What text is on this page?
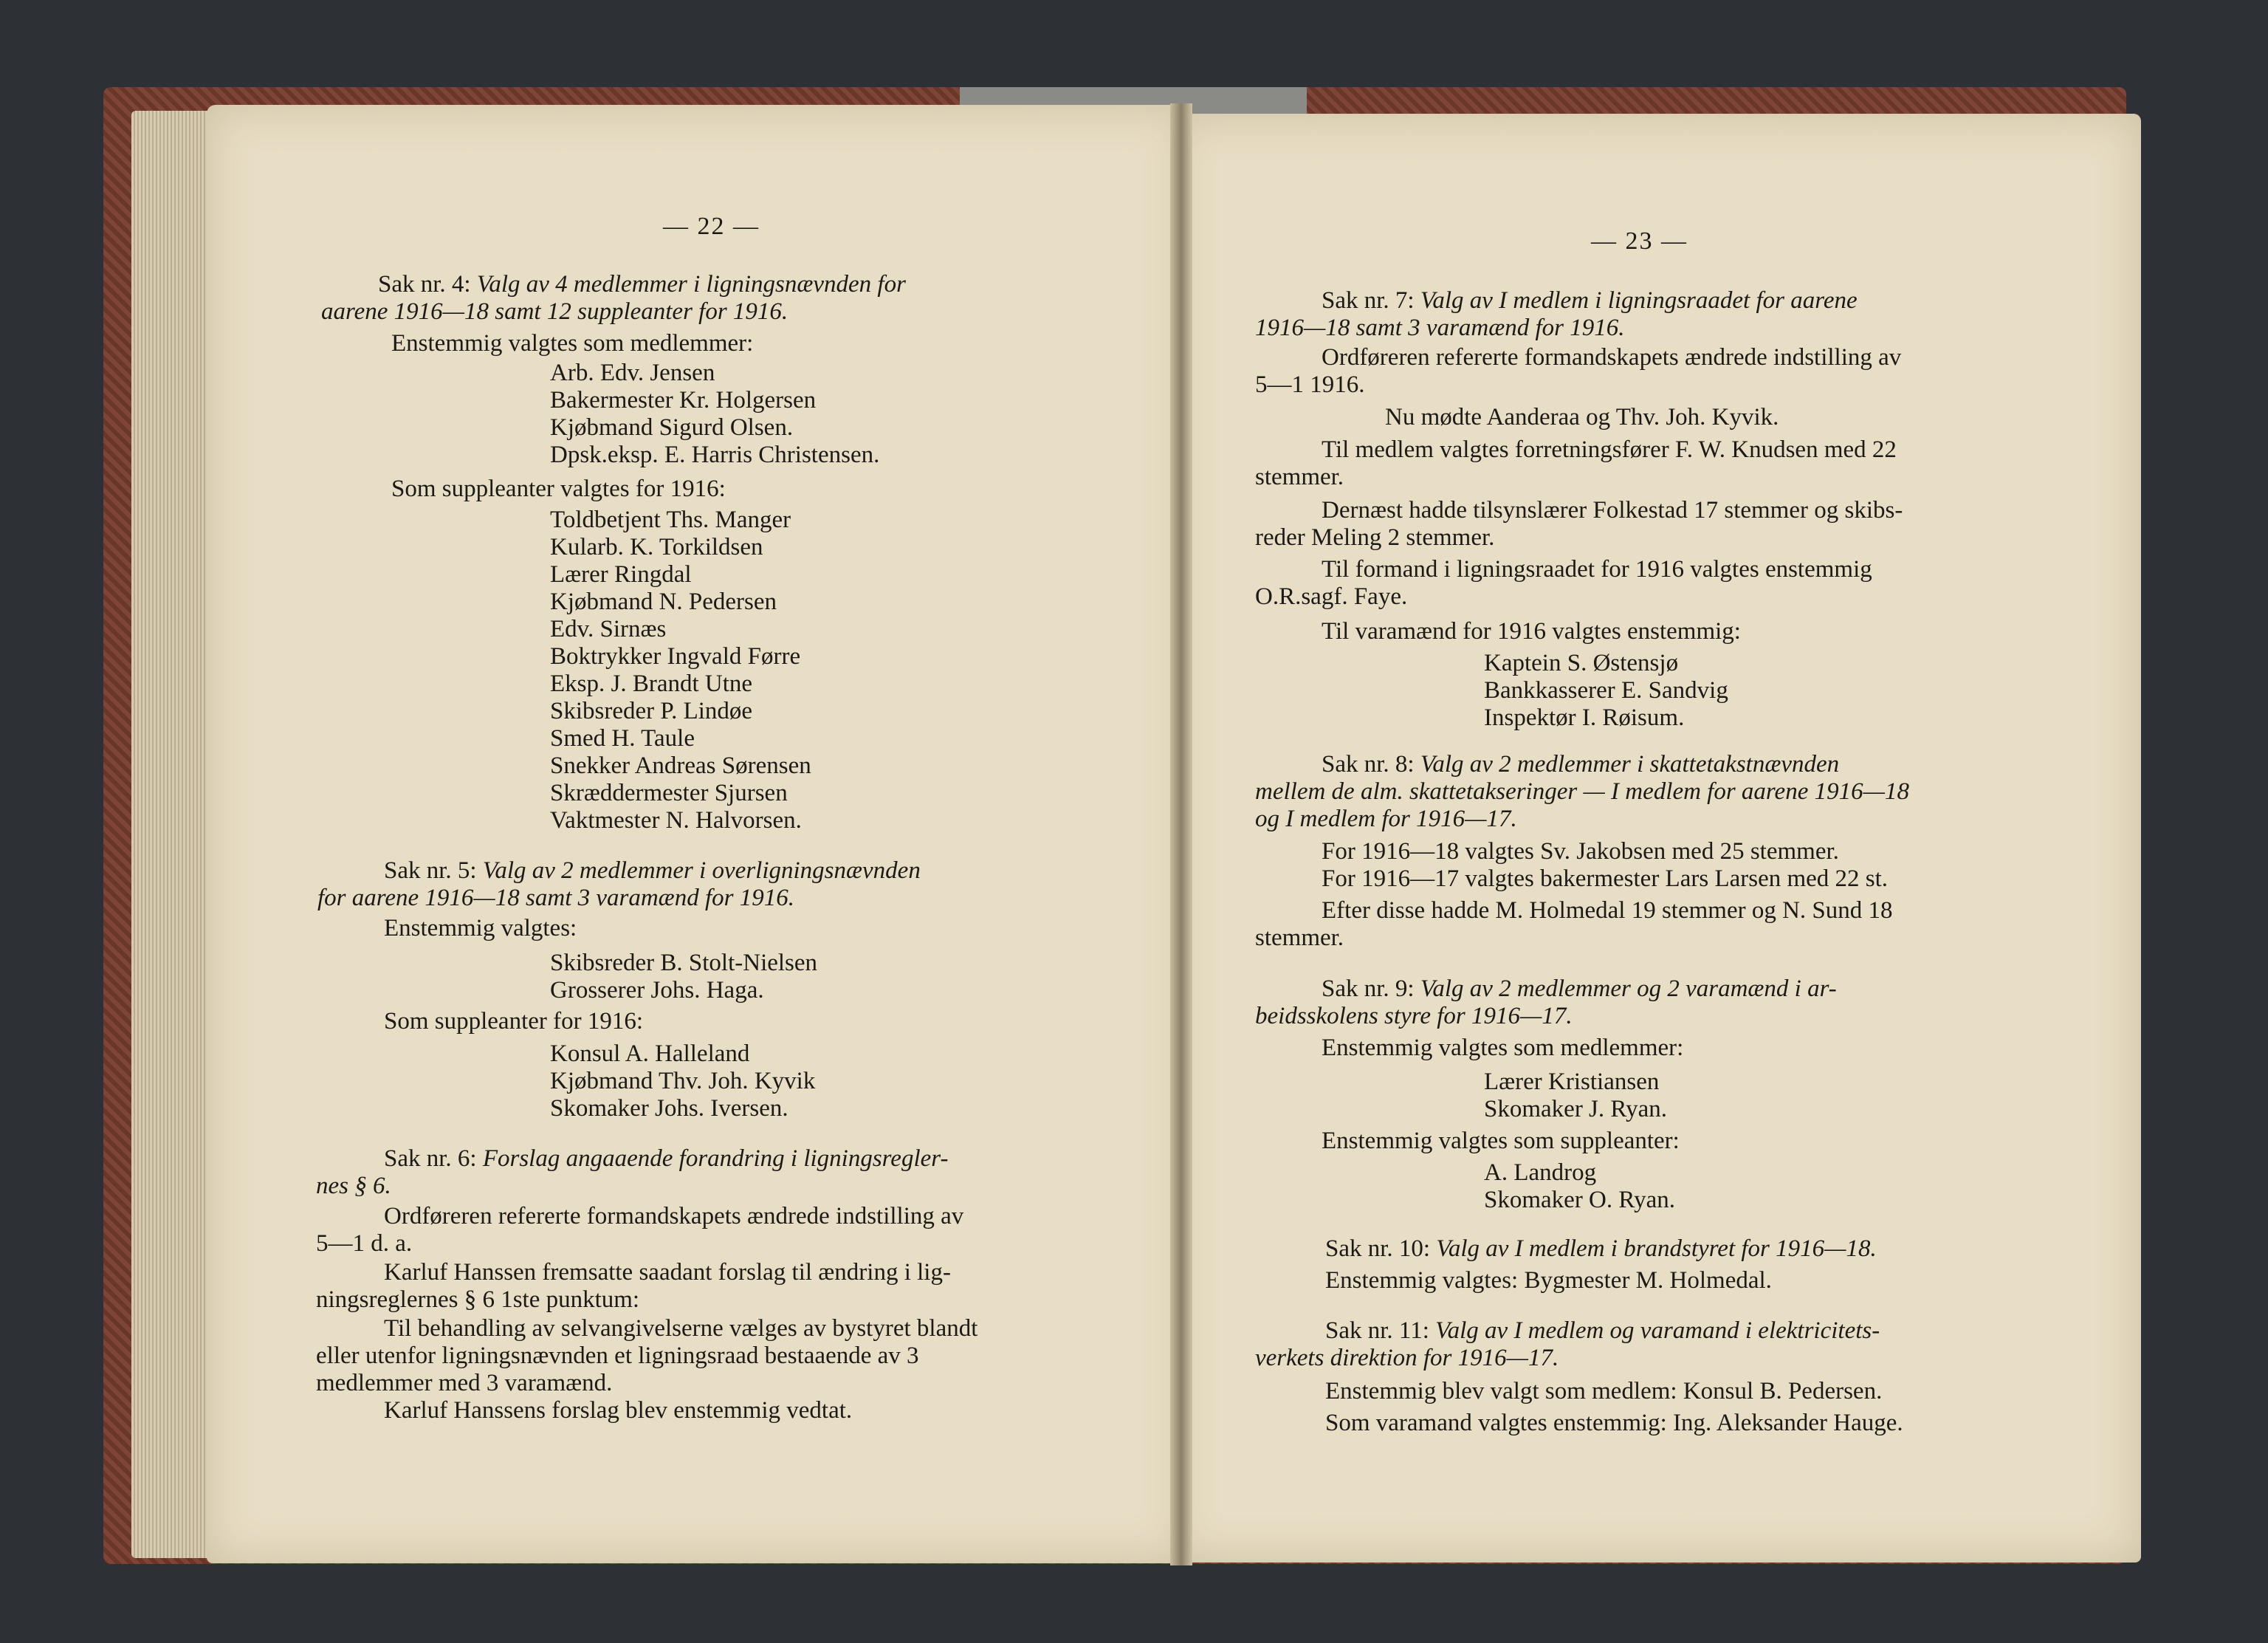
— 22 —
— 23 —
Sak nr. 4: Valg av 4 medlemmer i ligningsnævnden for
aarene 1916—18 samt 12 suppleanter for 1916.
Enstemmig valgtes som medlemmer:
Arb. Edv. Jensen
Bakermester Kr. Holgersen
Kjøbmand Sigurd Olsen.
Dpsk.eksp. E. Harris Christensen.
Som suppleanter valgtes for 1916:
Toldbetjent Ths. Manger
Kularb. K. Torkildsen
Lærer Ringdal
Kjøbmand N. Pedersen
Edv. Sirnæs
Boktrykker Ingvald Førre
Eksp. J. Brandt Utne
Skibsreder P. Lindøe
Smed H. Taule
Snekker Andreas Sørensen
Skræddermester Sjursen
Vaktmester N. Halvorsen.
Sak nr. 5: Valg av 2 medlemmer i overligningsnævnden
for aarene 1916—18 samt 3 varamænd for 1916.
Enstemmig valgtes:
Skibsreder B. Stolt-Nielsen
Grosserer Johs. Haga.
Som suppleanter for 1916:
Konsul A. Halleland
Kjøbmand Thv. Joh. Kyvik
Skomaker Johs. Iversen.
Sak nr. 6: Forslag angaaende forandring i ligningsregler-
nes § 6.
Ordføreren refererte formandskapets ændrede indstilling av
5—1 d. a.
Karluf Hanssen fremsatte saadant forslag til ændring i lig-
ningsreglernes § 6 1ste punktum:
Til behandling av selvangivelserne vælges av bystyret blandt
eller utenfor ligningsnævnden et ligningsraad bestaaende av 3
medlemmer med 3 varamænd.
Karluf Hanssens forslag blev enstemmig vedtat.
Sak nr. 7: Valg av I medlem i ligningsraadet for aarene
1916—18 samt 3 varamænd for 1916.
Ordføreren refererte formandskapets ændrede indstilling av
5—1 1916.
Nu mødte Aanderaa og Thv. Joh. Kyvik.
Til medlem valgtes forretningsfører F. W. Knudsen med 22
stemmer.
Dernæst hadde tilsynslærer Folkestad 17 stemmer og skibs-
reder Meling 2 stemmer.
Til formand i ligningsraadet for 1916 valgtes enstemmig
O.R.sagf. Faye.
Til varamænd for 1916 valgtes enstemmig:
Kaptein S. Østensjø
Bankkasserer E. Sandvig
Inspektør I. Røisum.
Sak nr. 8: Valg av 2 medlemmer i skattetakstnævnden
mellem de alm. skattetakseringer — I medlem for aarene 1916—18
og I medlem for 1916—17.
For 1916—18 valgtes Sv. Jakobsen med 25 stemmer.
For 1916—17 valgtes bakermester Lars Larsen med 22 st.
Efter disse hadde M. Holmedal 19 stemmer og N. Sund 18
stemmer.
Sak nr. 9: Valg av 2 medlemmer og 2 varamænd i ar-
beidsskolens styre for 1916—17.
Enstemmig valgtes som medlemmer:
Lærer Kristiansen
Skomaker J. Ryan.
Enstemmig valgtes som suppleanter:
A. Landrog
Skomaker O. Ryan.
Sak nr. 10: Valg av I medlem i brandstyret for 1916—18.
Enstemmig valgtes: Bygmester M. Holmedal.
Sak nr. 11: Valg av I medlem og varamand i elektricitets-
verkets direktion for 1916—17.
Enstemmig blev valgt som medlem: Konsul B. Pedersen.
Som varamand valgtes enstemmig: Ing. Aleksander Hauge.
